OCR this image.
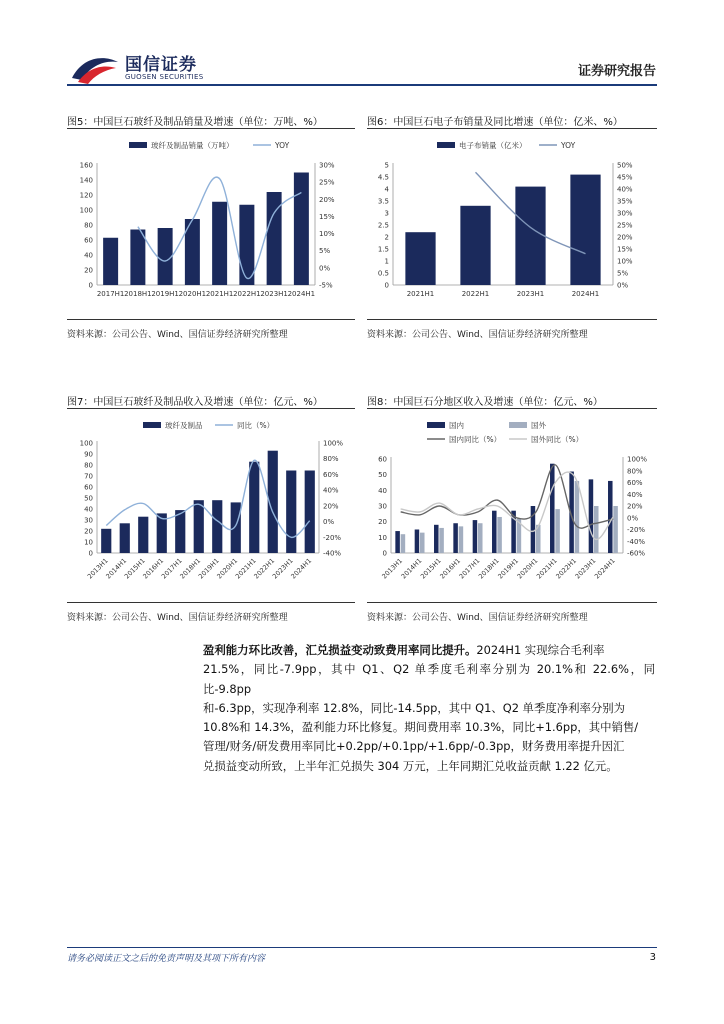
国信证券
GUOSEN SECURITIES	证券研究报告
图5：中国巨石玻纤及制品销量及增速（单位：万吨、%）
0
20
40
60
80
100
120
140
160
-5%
0%
5%
10%
15%
20%
25%
30%
2017H1 2018H1 2019H1 2020H1 2021H1 2022H1 2023H1 2024H1
玻纤及制品销量（万吨）	YOY
资料来源：公司公告、Wind、国信证券经济研究所整理
图6：中国巨石电子布销量及同比增速（单位：亿米、%）
0
0.5
1
1.5
2
2.5
3
3.5
4
4.5
5
0%
5%
10%
15%
20%
25%
30%
35%
40%
45%
50%
2021H1	2022H1	2023H1	2024H1
电子布销量（亿米）	YOY
资料来源：公司公告、Wind、国信证券经济研究所整理
图7：中国巨石玻纤及制品收入及增速（单位：亿元、%）
0
10
20
30
40
50
60
70
80
90
100
-40%
-20%
0%
20%
40%
60%
80%
100%
2013H1
2014H1
2015H1
2016H1
2017H1
2018H1
2019H1
2020H1
2021H1
2022H1
2023H1
2024H1
玻纤及制品	同比（%）
资料来源：公司公告、Wind、国信证券经济研究所整理
图8：中国巨石分地区收入及增速（单位：亿元、%）
0
10
20
30
40
50
60
-60%
-40%
-20%
0%
20%
40%
60%
80%
100%
2013H1
2014H1
2015H1
2016H1
2017H1
2018H1
2019H1
2020H1
2021H1
2022H1
2023H1
2024H1
国内	国外
国内同比（%）	国外同比（%）
资料来源：公司公告、Wind、国信证券经济研究所整理
盈利能力环比改善，汇兑损益变动致费用率同比提升。2024H1 实现综合毛利率
21.5%，同比-7.9pp，其中 Q1、Q2 单季度毛利率分别为 20.1%和 22.6%，同比-9.8pp
和-6.3pp，实现净利率 12.8%，同比-14.5pp，其中 Q1、Q2 单季度净利率分别为
10.8%和 14.3%，盈利能力环比修复。期间费用率 10.3%，同比+1.6pp，其中销售/
管理/财务/研发费用率同比+0.2pp/+0.1pp/+1.6pp/-0.3pp，财务费用率提升因汇
兑损益变动所致，上半年汇兑损失 304 万元，上年同期汇兑收益贡献 1.22 亿元。
请务必阅读正文之后的免责声明及其项下所有内容	3
